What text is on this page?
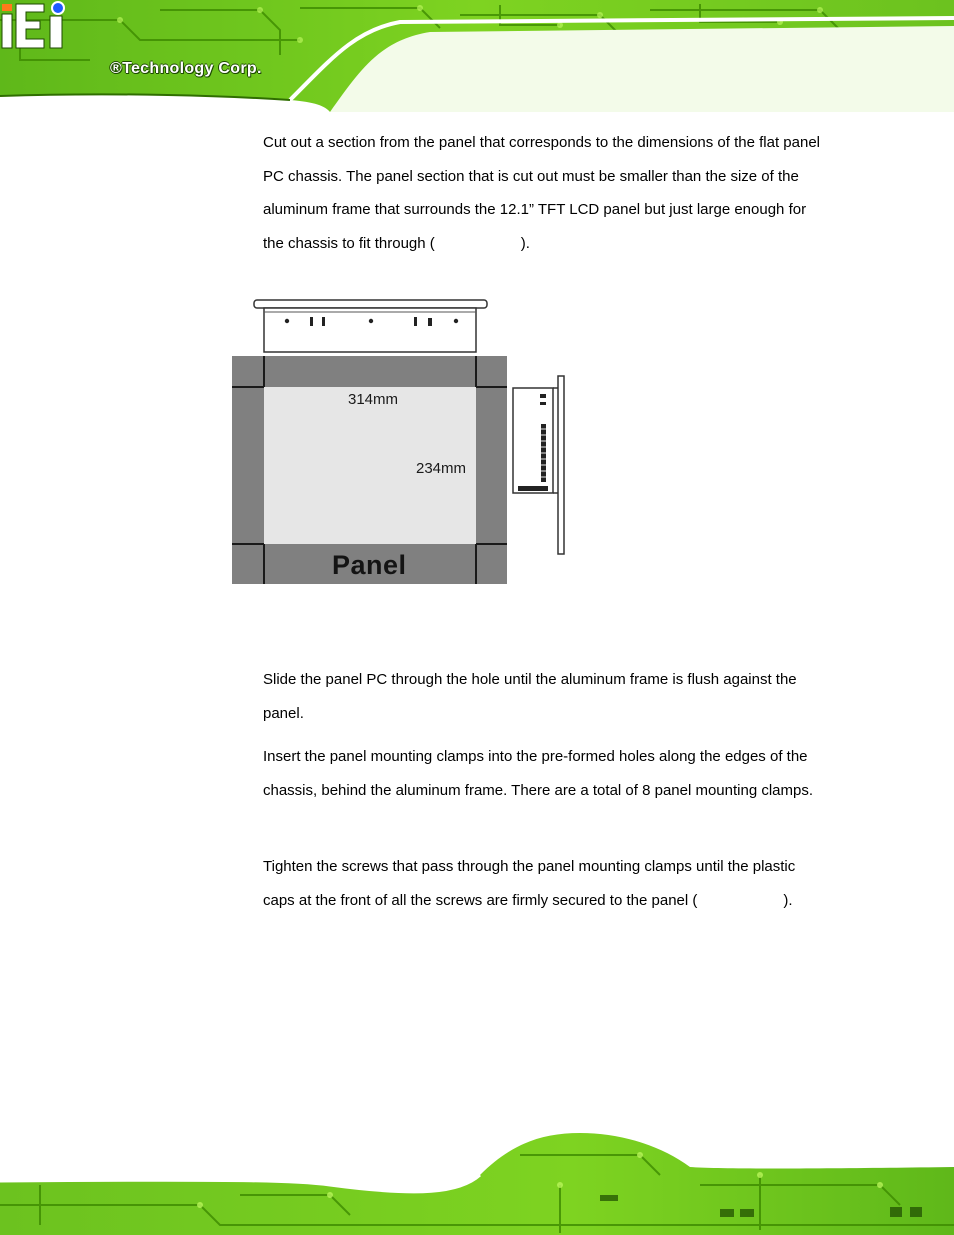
®Technology Corp.

Cut out a section from the panel that corresponds to the dimensions of the flat panel PC chassis. The panel section that is cut out must be smaller than the size of the aluminum frame that surrounds the 12.1” TFT LCD panel but just large enough for the chassis to fit through (	).

314mm
234mm
Panel

Slide the panel PC through the hole until the aluminum frame is flush against the panel.

Insert the panel mounting clamps into the pre-formed holes along the edges of the chassis, behind the aluminum frame. There are a total of 8 panel mounting clamps.

Tighten the screws that pass through the panel mounting clamps until the plastic caps at the front of all the screws are firmly secured to the panel (	).
